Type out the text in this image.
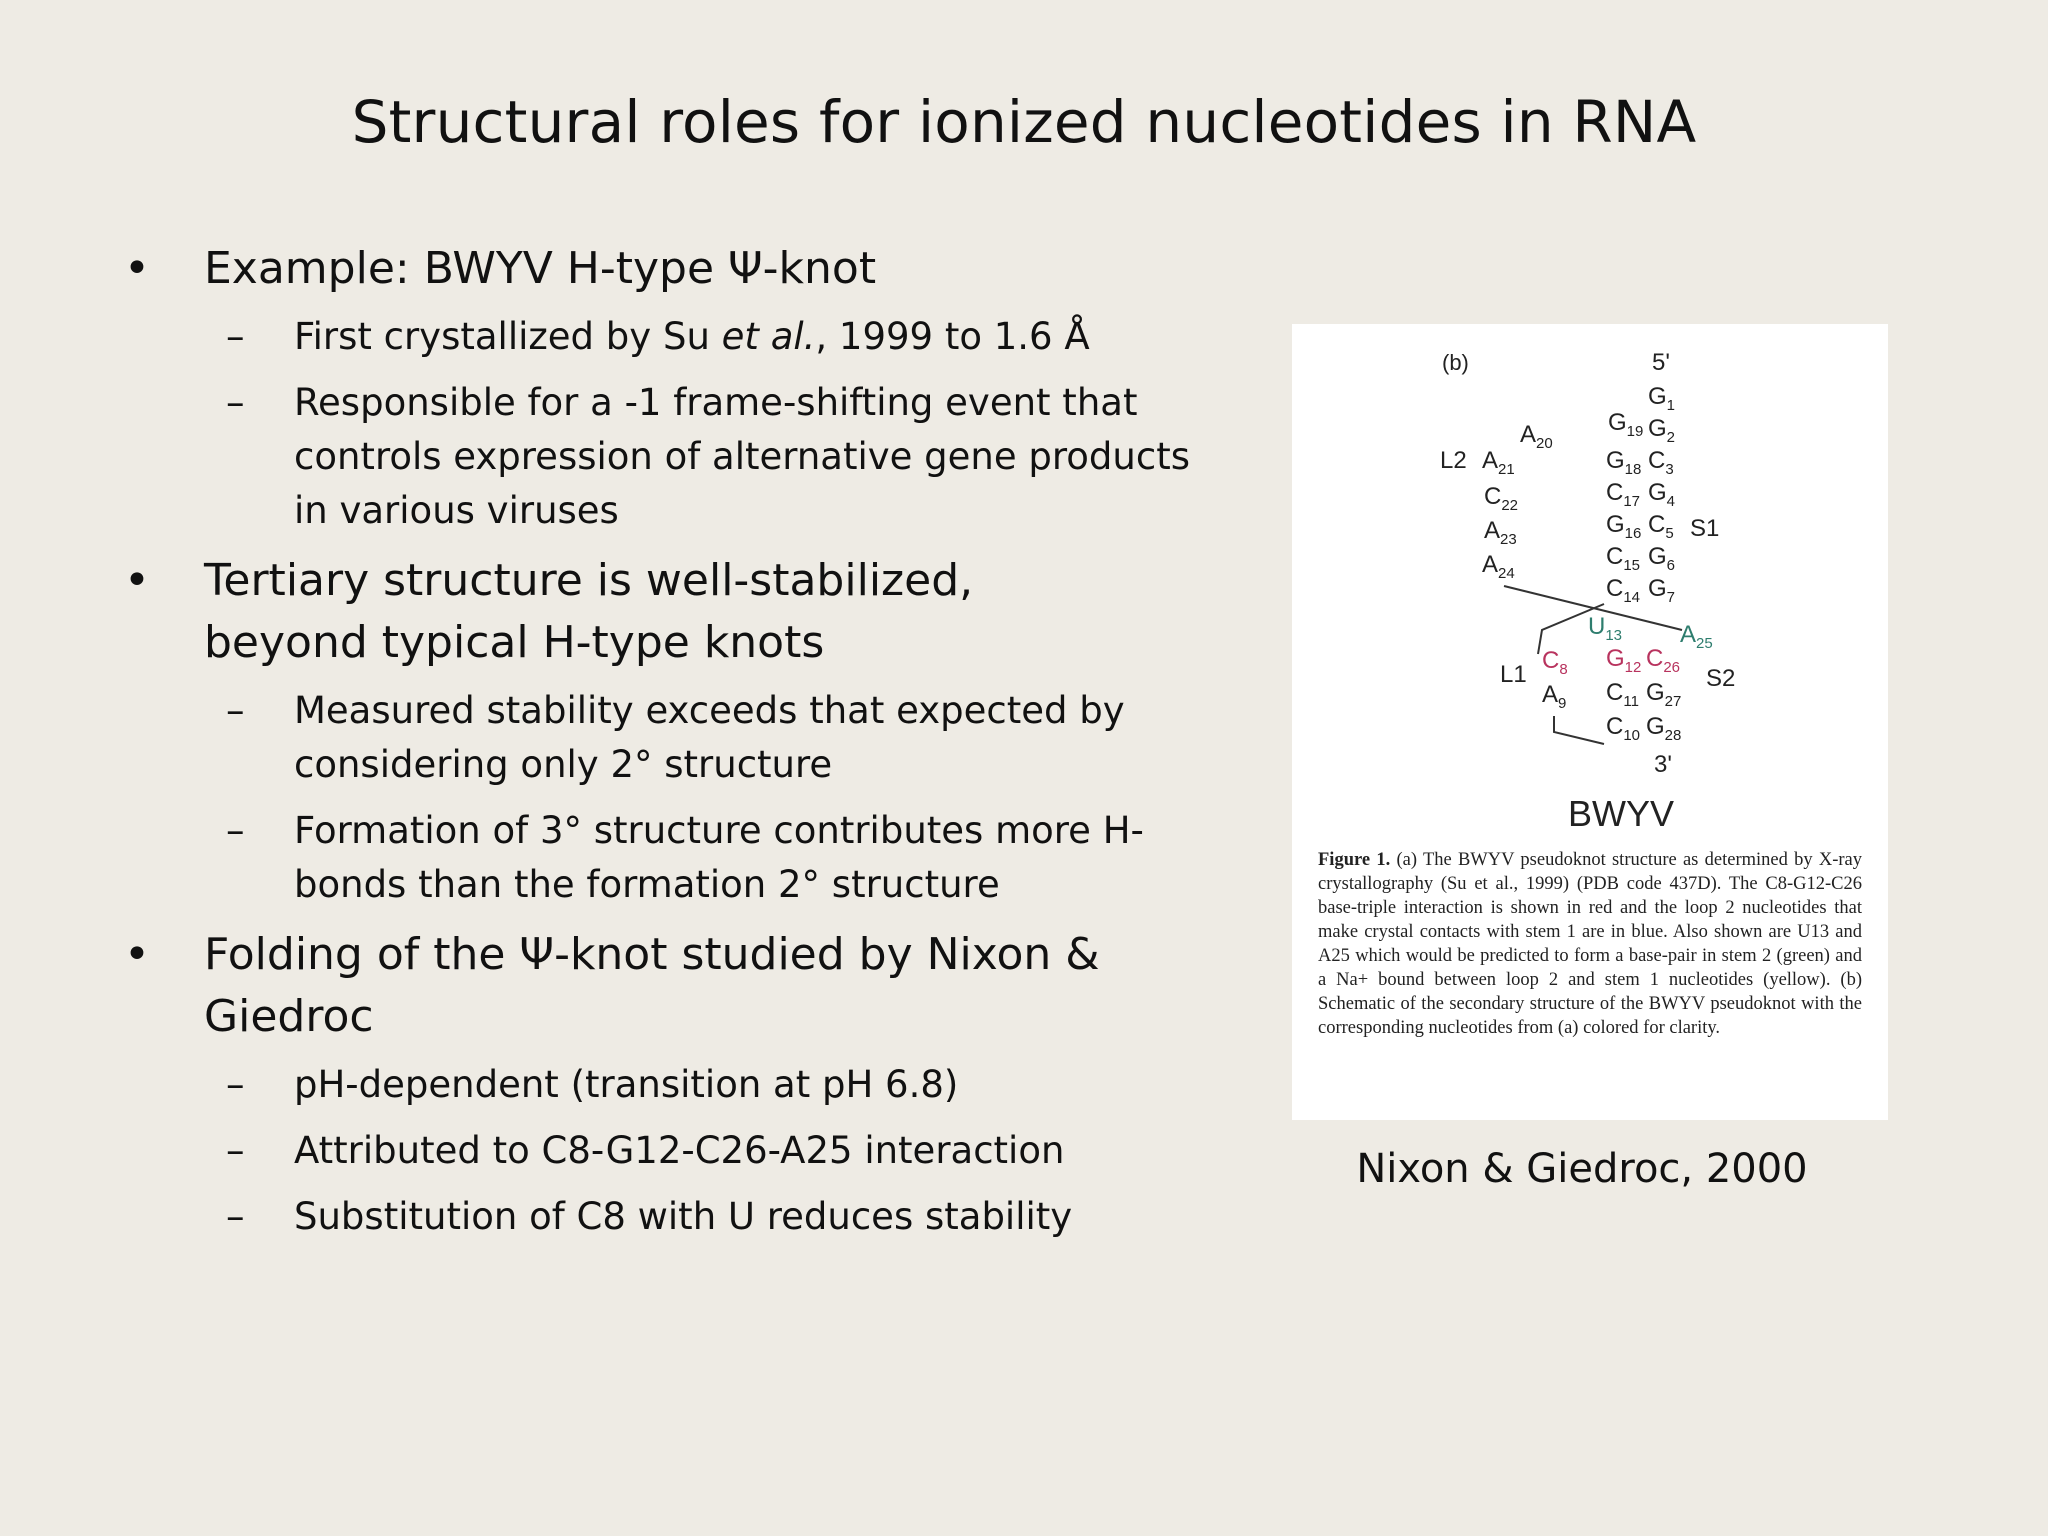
Structural roles for ionized nucleotides in RNA
• Example: BWYV H-type Ψ-knot
– First crystallized by Su et al., 1999 to 1.6 Å
– Responsible for a -1 frame-shifting event that controls expression of alternative gene products in various viruses
• Tertiary structure is well-stabilized,
beyond typical H-type knots
– Measured stability exceeds that expected by considering only 2° structure
– Formation of 3° structure contributes more H-bonds than the formation 2° structure
• Folding of the Ψ-knot studied by Nixon & Giedroc
– pH-dependent (transition at pH 6.8)
– Attributed to C8-G12-C26-A25 interaction
– Substitution of C8 with U reduces stability
(b)	5'
$G_1$
$G_2$
$C_3$
$G_4$
$C_5$
$G_6$
$G_7$
$G_{19}$
$G_{18}$
$C_{17}$
$G_{16}$
$C_{15}$
$C_{14}$
$A_{20}$
$A_{21}$
$C_{22}$
$A_{23}$
$A_{24}$
L2
S1
$U_{13}$ $A_{25}$
$C_8$ $G_{12}$ $C_{26}$
$A_9$ $C_{11}$ $G_{27}$
$C_{10}$ $G_{28}$
L1	S2
3'
BWYV
Figure 1. (a) The BWYV pseudoknot structure as determined by X-ray crystallography (Su et al., 1999) (PDB code 437D). The C8-G12-C26 base-triple interaction is shown in red and the loop 2 nucleotides that make crystal contacts with stem 1 are in blue. Also shown are U13 and A25 which would be predicted to form a base-pair in stem 2 (green) and a Na+ bound between loop 2 and stem 1 nucleotides (yellow). (b) Schematic of the secondary structure of the BWYV pseudoknot with the corresponding nucleotides from (a) colored for clarity.
Nixon & Giedroc, 2000
